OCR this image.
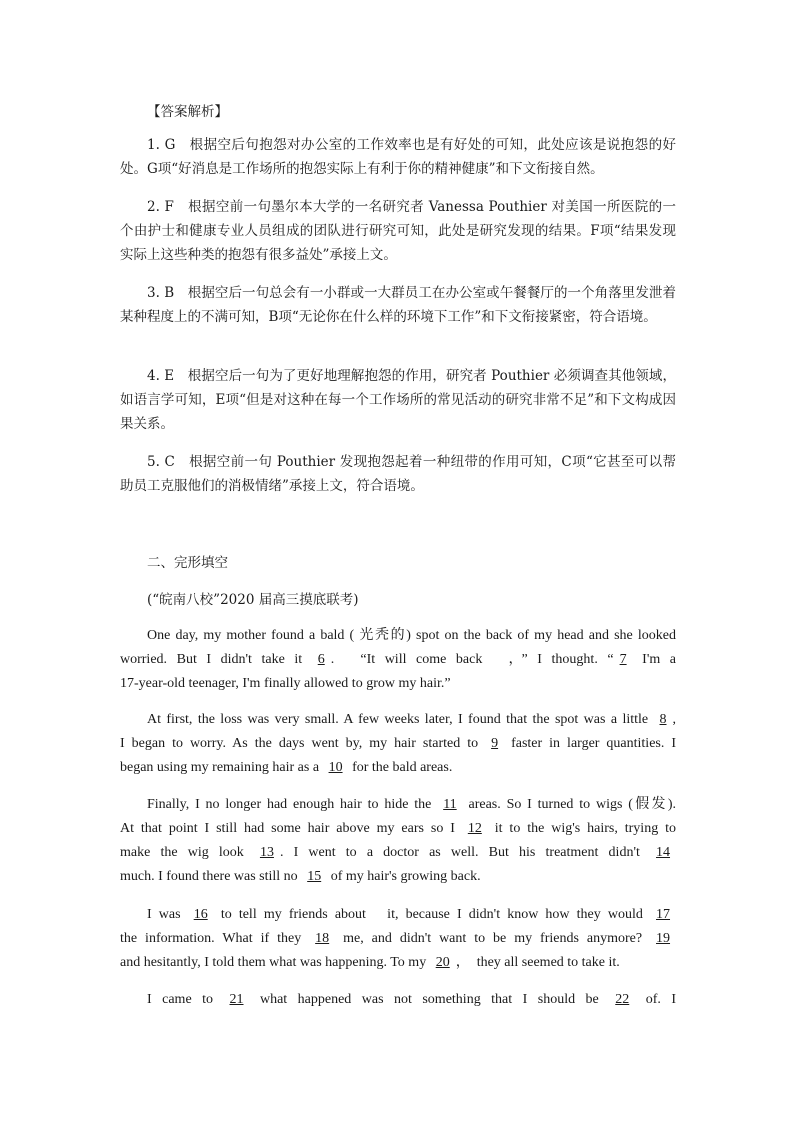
【答案解析】

1. G　根据空后句抱怨对办公室的工作效率也是有好处的可知，此处应该是说抱怨的好处。G项“好消息是工作场所的抱怨实际上有利于你的精神健康”和下文衔接自然。

2. F　根据空前一句墨尔本大学的一名研究者 Vanessa Pouthier 对美国一所医院的一个由护士和健康专业人员组成的团队进行研究可知，此处是研究发现的结果。F项“结果发现实际上这些种类的抱怨有很多益处”承接上文。

3. B　根据空后一句总会有一小群或一大群员工在办公室或午餐餐厅的一个角落里发泄着某种程度上的不满可知，B项“无论你在什么样的环境下工作”和下文衔接紧密，符合语境。

4. E　根据空后一句为了更好地理解抱怨的作用，研究者 Pouthier 必须调查其他领域，如语言学可知，E项“但是对这种在每一个工作场所的常见活动的研究非常不足”和下文构成因果关系。

5. C　根据空前一句 Pouthier 发现抱怨起着一种纽带的作用可知，C项“它甚至可以帮助员工克服他们的消极情绪”承接上文，符合语境。

二、完形填空
(“皖南八校”2020 届高三摸底联考)

One day, my mother found a bald ( 光秃的) spot on the back of my head and she looked
worried. But I didn't take it 6 .　“It will come back　，” I thought. “ 7 I'm a
17-year-old teenager, I'm finally allowed to grow my hair.”

At first, the loss was very small. A few weeks later, I found that the spot was a little 8 ,
I began to worry. As the days went by, my hair started to 9 faster in larger quantities. I
began using my remaining hair as a 10 for the bald areas.

Finally, I no longer had enough hair to hide the 11 areas. So I turned to wigs (假发).
At that point I still had some hair above my ears so I 12 it to the wig's hairs, trying to
make the wig look 13 . I went to a doctor as well. But his treatment didn't 14
much. I found there was still no 15 of my hair's growing back.

I was 16 to tell my friends about　it, because I didn't know how they would 17
the information. What if they 18 me, and didn't want to be my friends anymore? 19
and hesitantly, I told them what was happening. To my 20 ，　they all seemed to take it.

I came to 21 what happened was not something that I should be 22 of. I
